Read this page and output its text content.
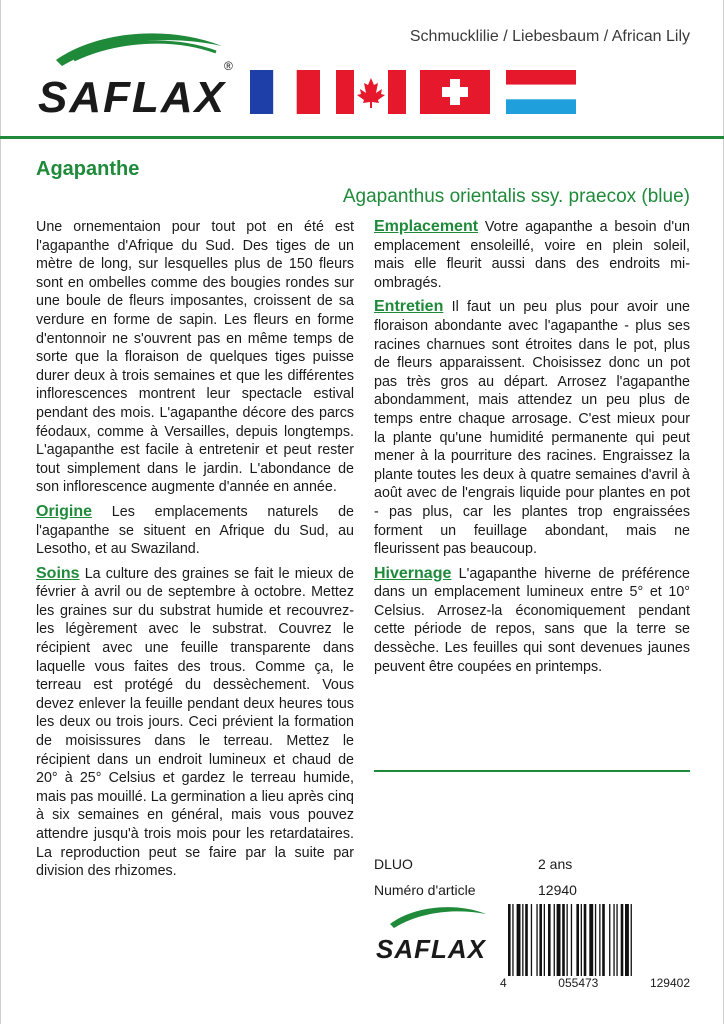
SAFLAX
®
Schmucklilie / Liebesbaum / African Lily
Agapanthe
Agapanthus orientalis ssy. praecox (blue)

Une ornementaion pour tout pot en été est l'agapanthe d'Afrique du Sud. Des tiges de un mètre de long, sur lesquelles plus de 150 fleurs sont en ombelles comme des bougies rondes sur une boule de fleurs imposantes, croissent de sa verdure en forme de sapin. Les fleurs en forme d'entonnoir ne s'ouvrent pas en même temps de sorte que la floraison de quelques tiges puisse durer deux à trois semaines et que les différentes inflorescences montrent leur spectacle estival pendant des mois. L'agapanthe décore des parcs féodaux, comme à Versailles, depuis longtemps. L'agapanthe est facile à entretenir et peut rester tout simplement dans le jardin. L'abondance de son inflorescence augmente d'année en année.

Origine Les emplacements naturels de l'agapanthe se situent en Afrique du Sud, au Lesotho, et au Swaziland.

Soins La culture des graines se fait le mieux de février à avril ou de septembre à octobre. Mettez les graines sur du substrat humide et recouvrez-les légèrement avec le substrat. Couvrez le récipient avec une feuille transparente dans laquelle vous faites des trous. Comme ça, le terreau est protégé du dessèchement. Vous devez enlever la feuille pendant deux heures tous les deux ou trois jours. Ceci prévient la formation de moisissures dans le terreau. Mettez le récipient dans un endroit lumineux et chaud de 20° à 25° Celsius et gardez le terreau humide, mais pas mouillé. La germination a lieu après cinq à six semaines en général, mais vous pouvez attendre jusqu'à trois mois pour les retardataires. La reproduction peut se faire par la suite par division des rhizomes.

Emplacement Votre agapanthe a besoin d'un emplacement ensoleillé, voire en plein soleil, mais elle fleurit aussi dans des endroits mi-ombragés.

Entretien Il faut un peu plus pour avoir une floraison abondante avec l'agapanthe - plus ses racines charnues sont étroites dans le pot, plus de fleurs apparaissent. Choisissez donc un pot pas très gros au départ. Arrosez l'agapanthe abondamment, mais attendez un peu plus de temps entre chaque arrosage. C'est mieux pour la plante qu'une humidité permanente qui peut mener à la pourriture des racines. Engraissez la plante toutes les deux à quatre semaines d'avril à août avec de l'engrais liquide pour plantes en pot - pas plus, car les plantes trop engraissées forment un feuillage abondant, mais ne fleurissent pas beaucoup.

Hivernage L'agapanthe hiverne de préférence dans un emplacement lumineux entre 5° et 10° Celsius. Arrosez-la économiquement pendant cette période de repos, sans que la terre se dessèche. Les feuilles qui sont devenues jaunes peuvent être coupées en printemps.

DLUO	2 ans
Numéro d'article	12940
SAFLAX
4	055473	129402
